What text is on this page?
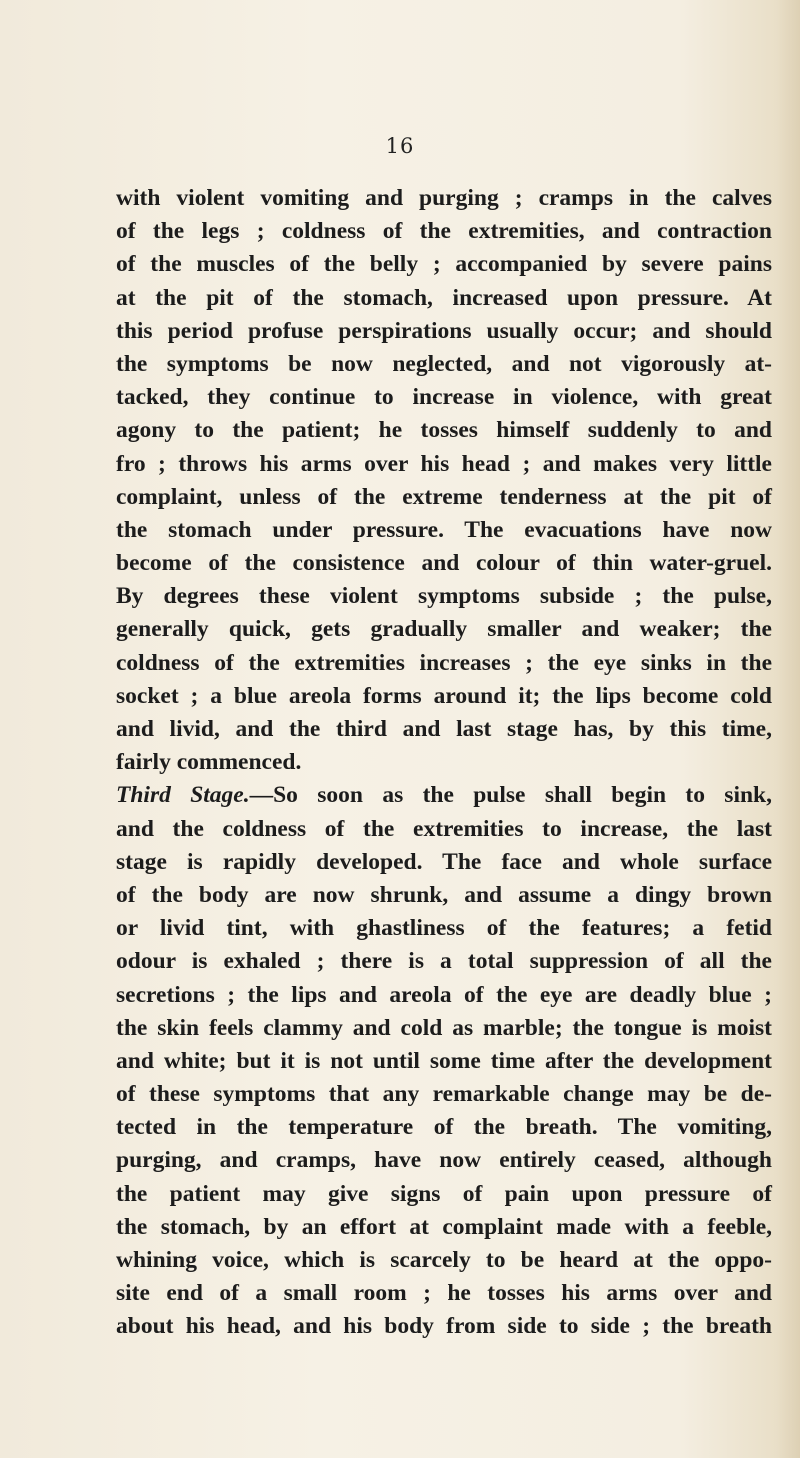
16
with violent vomiting and purging ; cramps in the calves
of the legs ; coldness of the extremities, and contraction
of the muscles of the belly ; accompanied by severe pains
at the pit of the stomach, increased upon pressure. At
this period profuse perspirations usually occur; and should
the symptoms be now neglected, and not vigorously at-
tacked, they continue to increase in violence, with great
agony to the patient; he tosses himself suddenly to and
fro ; throws his arms over his head ; and makes very little
complaint, unless of the extreme tenderness at the pit of
the stomach under pressure. The evacuations have now
become of the consistence and colour of thin water-gruel.
By degrees these violent symptoms subside ; the pulse,
generally quick, gets gradually smaller and weaker; the
coldness of the extremities increases ; the eye sinks in the
socket ; a blue areola forms around it; the lips become cold
and livid, and the third and last stage has, by this time,
fairly commenced.
Third Stage.—So soon as the pulse shall begin to sink,
and the coldness of the extremities to increase, the last
stage is rapidly developed. The face and whole surface
of the body are now shrunk, and assume a dingy brown
or livid tint, with ghastliness of the features; a fetid
odour is exhaled ; there is a total suppression of all the
secretions ; the lips and areola of the eye are deadly blue ;
the skin feels clammy and cold as marble; the tongue is moist
and white; but it is not until some time after the development
of these symptoms that any remarkable change may be de-
tected in the temperature of the breath. The vomiting,
purging, and cramps, have now entirely ceased, although
the patient may give signs of pain upon pressure of
the stomach, by an effort at complaint made with a feeble,
whining voice, which is scarcely to be heard at the oppo-
site end of a small room ; he tosses his arms over and
about his head, and his body from side to side ; the breath
